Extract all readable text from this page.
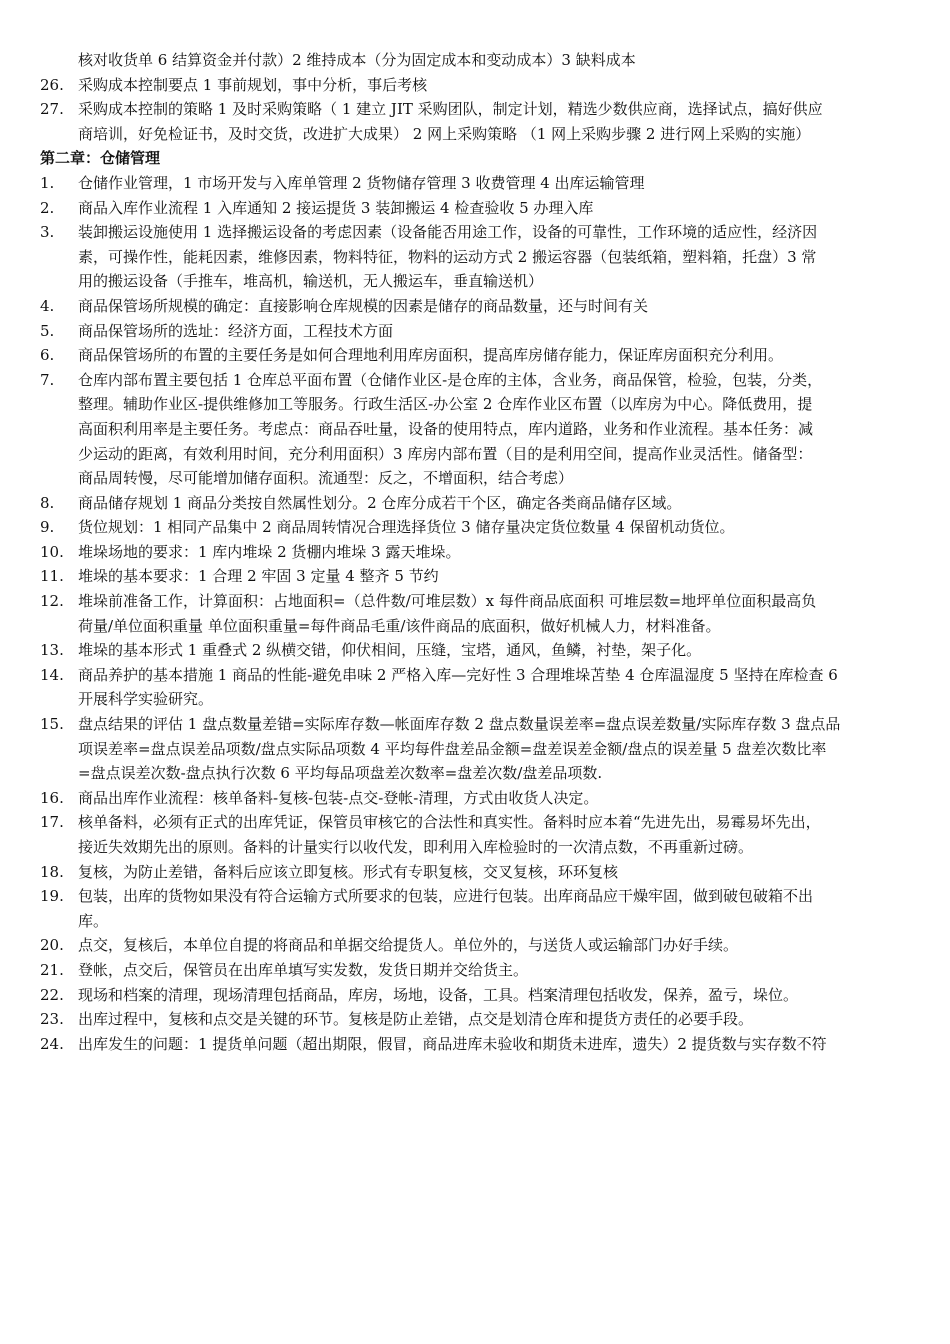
核对收货单 6 结算资金并付款）2 维持成本（分为固定成本和变动成本）3 缺料成本
26. 采购成本控制要点 1 事前规划，事中分析，事后考核
27. 采购成本控制的策略 1 及时采购策略（ 1 建立 JIT 采购团队，制定计划，精选少数供应商，选择试点，搞好供应
商培训，好免检证书，及时交货，改进扩大成果） 2 网上采购策略 （1 网上采购步骤 2 进行网上采购的实施）
第二章：仓储管理
1.	仓储作业管理，1 市场开发与入库单管理 2 货物储存管理 3 收费管理 4 出库运输管理
2.	商品入库作业流程 1 入库通知 2 接运提货 3 装卸搬运 4 检查验收 5 办理入库
3.	装卸搬运设施使用 1 选择搬运设备的考虑因素（设备能否用途工作，设备的可靠性，工作环境的适应性，经济因
素，可操作性，能耗因素，维修因素，物料特征，物料的运动方式 2 搬运容器（包装纸箱，塑料箱，托盘）3 常
用的搬运设备（手推车，堆高机，输送机，无人搬运车，垂直输送机）
4.	商品保管场所规模的确定：直接影响仓库规模的因素是储存的商品数量，还与时间有关
5.	商品保管场所的选址：经济方面，工程技术方面
6.	商品保管场所的布置的主要任务是如何合理地利用库房面积，提高库房储存能力，保证库房面积充分利用。
7.	仓库内部布置主要包括 1 仓库总平面布置（仓储作业区-是仓库的主体，含业务，商品保管，检验，包装，分类，
整理。辅助作业区-提供维修加工等服务。行政生活区-办公室 2 仓库作业区布置（以库房为中心。降低费用，提
高面积利用率是主要任务。考虑点：商品吞吐量，设备的使用特点，库内道路，业务和作业流程。基本任务：减
少运动的距离，有效利用时间，充分利用面积）3 库房内部布置（目的是利用空间，提高作业灵活性。储备型：
商品周转慢，尽可能增加储存面积。流通型：反之，不增面积，结合考虑）
8.	商品储存规划 1 商品分类按自然属性划分。2 仓库分成若干个区，确定各类商品储存区域。
9.	货位规划：1 相同产品集中 2 商品周转情况合理选择货位 3 储存量决定货位数量 4 保留机动货位。
10. 堆垛场地的要求：1 库内堆垛 2 货棚内堆垛 3 露天堆垛。
11. 堆垛的基本要求：1 合理 2 牢固 3 定量 4 整齐 5 节约
12. 堆垛前准备工作，计算面积：占地面积=（总件数/可堆层数）x 每件商品底面积 可堆层数=地坪单位面积最高负
荷量/单位面积重量 单位面积重量=每件商品毛重/该件商品的底面积，做好机械人力，材料准备。
13. 堆垛的基本形式 1 重叠式 2 纵横交错，仰伏相间，压缝，宝塔，通风，鱼鳞，衬垫，架子化。
14. 商品养护的基本措施 1 商品的性能-避免串味 2 严格入库—完好性 3 合理堆垛苫垫 4 仓库温湿度 5 坚持在库检查 6
开展科学实验研究。
15. 盘点结果的评估 1 盘点数量差错=实际库存数—帐面库存数 2 盘点数量误差率=盘点误差数量/实际库存数 3 盘点品
项误差率=盘点误差品项数/盘点实际品项数 4 平均每件盘差品金额=盘差误差金额/盘点的误差量 5 盘差次数比率
=盘点误差次数-盘点执行次数 6 平均每品项盘差次数率=盘差次数/盘差品项数.
16. 商品出库作业流程：核单备料-复核-包装-点交-登帐-清理，方式由收货人决定。
17. 核单备料，必须有正式的出库凭证，保管员审核它的合法性和真实性。备料时应本着“先进先出，易霉易坏先出，
接近失效期先出的原则。备料的计量实行以收代发，即利用入库检验时的一次清点数，不再重新过磅。
18. 复核，为防止差错，备料后应该立即复核。形式有专职复核，交叉复核，环环复核
19. 包装，出库的货物如果没有符合运输方式所要求的包装，应进行包装。出库商品应干燥牢固，做到破包破箱不出
库。
20. 点交，复核后，本单位自提的将商品和单据交给提货人。单位外的，与送货人或运输部门办好手续。
21. 登帐，点交后，保管员在出库单填写实发数，发货日期并交给货主。
22. 现场和档案的清理，现场清理包括商品，库房，场地，设备，工具。档案清理包括收发，保养，盈亏，垛位。
23. 出库过程中，复核和点交是关键的环节。复核是防止差错，点交是划清仓库和提货方责任的必要手段。
24. 出库发生的问题：1 提货单问题（超出期限，假冒，商品进库未验收和期货未进库，遗失）2 提货数与实存数不符
